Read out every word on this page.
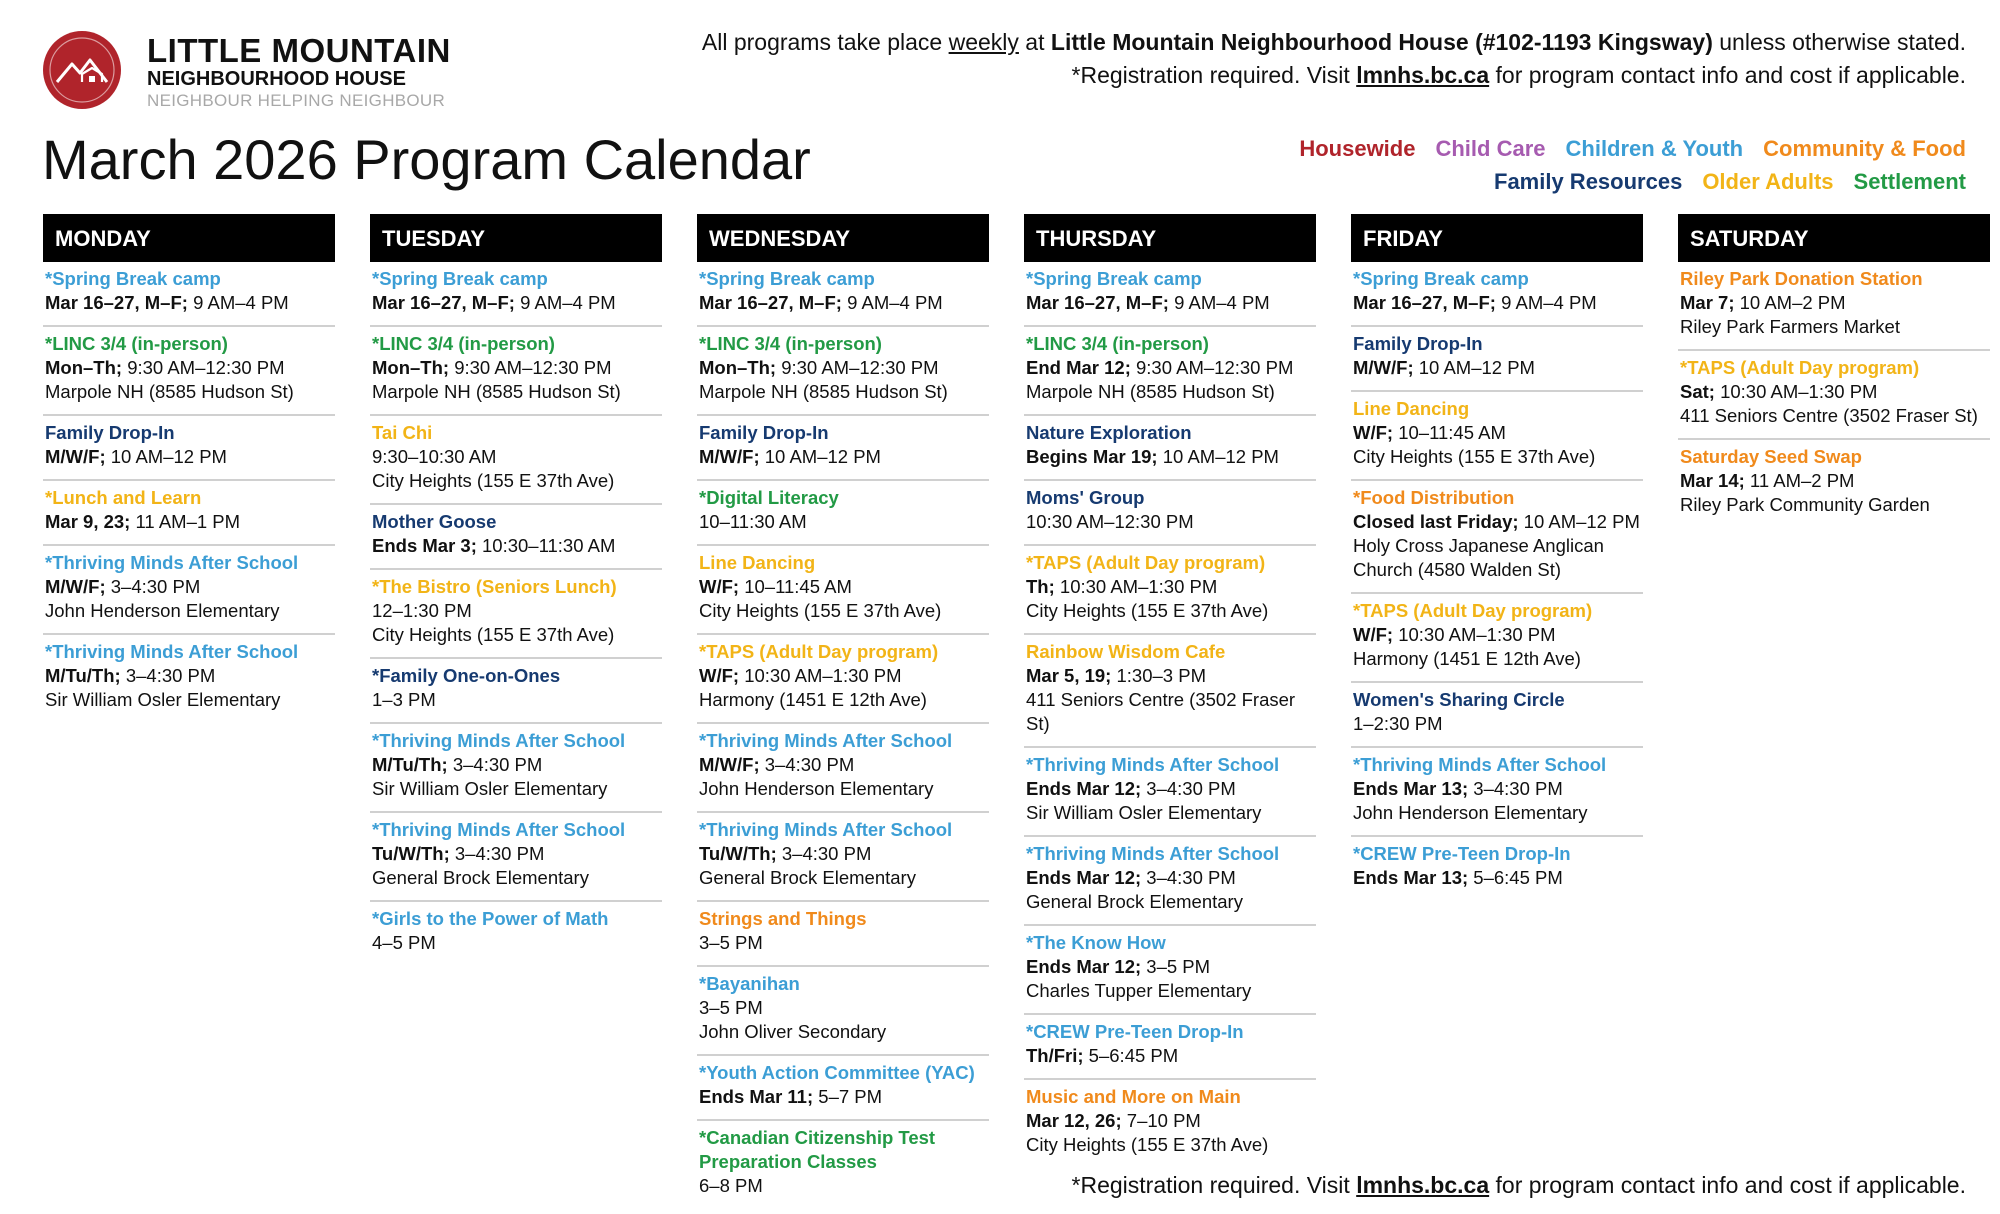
LITTLE MOUNTAIN
NEIGHBOURHOOD HOUSE
NEIGHBOUR HELPING NEIGHBOUR
All programs take place weekly at Little Mountain Neighbourhood House (#102-1193 Kingsway) unless otherwise stated.
*Registration required. Visit lmnhs.bc.ca for program contact info and cost if applicable.
March 2026 Program Calendar	Housewide Child Care Children & Youth Community & Food
Family Resources Older Adults Settlement
MONDAY
*Spring Break camp
Mar 16–27, M–F; 9 AM–4 PM
*LINC 3/4 (in-person)
Mon–Th; 9:30 AM–12:30 PM
Marpole NH (8585 Hudson St)
Family Drop-In
M/W/F; 10 AM–12 PM
*Lunch and Learn
Mar 9, 23; 11 AM–1 PM
*Thriving Minds After School
M/W/F; 3–4:30 PM
John Henderson Elementary
*Thriving Minds After School
M/Tu/Th; 3–4:30 PM
Sir William Osler Elementary
TUESDAY
*Spring Break camp
Mar 16–27, M–F; 9 AM–4 PM
*LINC 3/4 (in-person)
Mon–Th; 9:30 AM–12:30 PM
Marpole NH (8585 Hudson St)
Tai Chi
9:30–10:30 AM
City Heights (155 E 37th Ave)
Mother Goose
Ends Mar 3; 10:30–11:30 AM
*The Bistro (Seniors Lunch)
12–1:30 PM
City Heights (155 E 37th Ave)
*Family One-on-Ones
1–3 PM
*Thriving Minds After School
M/Tu/Th; 3–4:30 PM
Sir William Osler Elementary
*Thriving Minds After School
Tu/W/Th; 3–4:30 PM
General Brock Elementary
*Girls to the Power of Math
4–5 PM
WEDNESDAY
*Spring Break camp
Mar 16–27, M–F; 9 AM–4 PM
*LINC 3/4 (in-person)
Mon–Th; 9:30 AM–12:30 PM
Marpole NH (8585 Hudson St)
Family Drop-In
M/W/F; 10 AM–12 PM
*Digital Literacy
10–11:30 AM
Line Dancing
W/F; 10–11:45 AM
City Heights (155 E 37th Ave)
*TAPS (Adult Day program)
W/F; 10:30 AM–1:30 PM
Harmony (1451 E 12th Ave)
*Thriving Minds After School
M/W/F; 3–4:30 PM
John Henderson Elementary
*Thriving Minds After School
Tu/W/Th; 3–4:30 PM
General Brock Elementary
Strings and Things
3–5 PM
*Bayanihan
3–5 PM
John Oliver Secondary
*Youth Action Committee (YAC)
Ends Mar 11; 5–7 PM
*Canadian Citizenship Test Preparation Classes
6–8 PM
THURSDAY
*Spring Break camp
Mar 16–27, M–F; 9 AM–4 PM
*LINC 3/4 (in-person)
End Mar 12; 9:30 AM–12:30 PM
Marpole NH (8585 Hudson St)
Nature Exploration
Begins Mar 19; 10 AM–12 PM
Moms' Group
10:30 AM–12:30 PM
*TAPS (Adult Day program)
Th; 10:30 AM–1:30 PM
City Heights (155 E 37th Ave)
Rainbow Wisdom Cafe
Mar 5, 19; 1:30–3 PM
411 Seniors Centre (3502 Fraser St)
*Thriving Minds After School
Ends Mar 12; 3–4:30 PM
Sir William Osler Elementary
*Thriving Minds After School
Ends Mar 12; 3–4:30 PM
General Brock Elementary
*The Know How
Ends Mar 12; 3–5 PM
Charles Tupper Elementary
*CREW Pre-Teen Drop-In
Th/Fri; 5–6:45 PM
Music and More on Main
Mar 12, 26; 7–10 PM
City Heights (155 E 37th Ave)
FRIDAY
*Spring Break camp
Mar 16–27, M–F; 9 AM–4 PM
Family Drop-In
M/W/F; 10 AM–12 PM
Line Dancing
W/F; 10–11:45 AM
City Heights (155 E 37th Ave)
*Food Distribution
Closed last Friday; 10 AM–12 PM
Holy Cross Japanese Anglican Church (4580 Walden St)
*TAPS (Adult Day program)
W/F; 10:30 AM–1:30 PM
Harmony (1451 E 12th Ave)
Women's Sharing Circle
1–2:30 PM
*Thriving Minds After School
Ends Mar 13; 3–4:30 PM
John Henderson Elementary
*CREW Pre-Teen Drop-In
Ends Mar 13; 5–6:45 PM
SATURDAY
Riley Park Donation Station
Mar 7; 10 AM–2 PM
Riley Park Farmers Market
*TAPS (Adult Day program)
Sat; 10:30 AM–1:30 PM
411 Seniors Centre (3502 Fraser St)
Saturday Seed Swap
Mar 14; 11 AM–2 PM
Riley Park Community Garden
*Registration required. Visit lmnhs.bc.ca for program contact info and cost if applicable.
